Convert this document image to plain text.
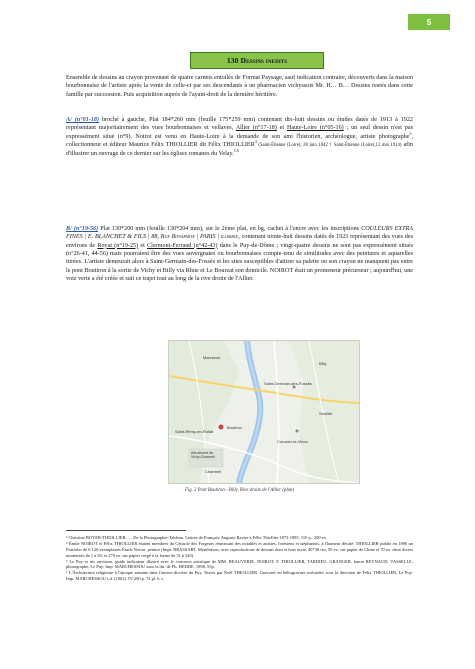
5
130 Dessins inedits
Ensemble de dessins au crayon provenant de quatre carnets entoilés de Format Paysage, sauf indication contraire, découverts dans la maison bourbonnaise de l'artiste après la vente de celle-ci par ses descendants à un pharmacien vichyssois Mr. H… B… Dessins restés dans cette famille par succession. Puis acquisition auprès de l'ayant-droit de la dernière héritière.
A/ (n°01-18) broché à gauche, Plat 184*260 mm (feuille 175*259 mm) contenant dix-huit dessins ou études datés de 1913 à 1922 représentant majoritairement des vues bourbonnaises et vellaves, Allier (n°17-18) et Haute-Loire (n°05-16) ; un seul dessin n'est pas expressément situé (n°9). Noirot est venu en Haute-Loire à la demande de son ami l'historien, archéologue, artiste photographe$^3$, collectionneur et éditeur Maurice Félix THIOLLIER dit Félix THIOLLIER$^4$ (Saint-Étienne (Loire), 28 juin 1842 † Saint-Étienne (Loire),12 mai 1914) afin d'illustrer un ouvrage de ce dernier sur les églises romanes du Velay.$^{5 6}$
B/ (n°19-56) Plat 130*200 mm (feuille 130*204 mm), sur le 2ème plat, en bg, cachet à l'encre avec les inscriptions COULEURS EXTRA FINES | E. BLANCHET & FILS | 88, Rue Bonaparte | PARIS | illisible, contenant trente-huit dessins datés de 1923 représentant des vues des environs de Royat (n°19-25) et Clermont-Ferrand (n°42-43) dans le Puy-de-Dôme ; vingt-quatre dessins ne sont pas expressément situés (n°26-41, 44-56) mais pourraient être des vues auvergnates ou bourbonnaises compte-tenu de similitudes avec des peintures et aquarelles titrées. L'artiste demeurait alors à Saint-Germain-des-Fossés et les sites susceptibles d'attirer sa palette ou son crayon ne manquent pas entre le pont Boutiron à la sortie de Vichy et Billy via Rhue et Le Bourzat son domicile. NOIROT était un promeneur précurseur ; aujourd'hui, une voie verte a été créée et suit ce trajet tout au long de la rive droite de l'Allier.
Marcenat
Billy
Saint-Germain-des-Fossés
Seuillet
Boutiron
Creuzier-le-Vieux
Saint-Rémy-en-Rollat
Charmeil
Aérodrome de Vichy-Charmeil
Fig. 2 Pont Boutiron - Billy, Rive droite de l'Allier (plan)

³ Christine BOYER-THIOLLIER, … De la Photographie-Tableau. Lettres de François-Auguste Ravier à Félix Thiollier 1873-1895, 110 p., 200 ex.

⁴ Émile NOIROT et Félix THIOLLIER étaient membres du Cénacle des Forgeurs réunissant des notables et artistes, forésiens et stéphanois, à l'humeur décalé. THIOLLIER publie en 1896 un Portfolio de 6 120 exemplaires Émile Noirot, peintre (Impr. BRASSART, Montbrison, avec reproductions de dessins dont et hors texte, 40*30 cm, 50 ex. sur papier de Chine et 70 ex. deux divers numérotés de 1 à 50, et 270 ex. sur papier vergé à la forme de 51 à 320).

⁵ Le Puy et ses environs, guide indicateur illustré avec le concours artistique de MM. BEAUVERIE, NOIROT, F. THIOLLIER, TARDIEU, GRANGER, baron REYNAUD, VASSELLE, photographe, Le Puy: Imp. MARCHESSOU sous la dir. de Ph. HEDDE, 1898, 55p.

⁶ L'Architecture religieuse à l'époque romane dans l'ancien diocèse du Puy. Textes par Noël THIOLLIER. Gravures en héliogravure exécutées sous la direction de Félix THIOLLIER. Le Puy: Imp. MARCHESSOU s.d. [1902]. IV-200 p. 72 pl. h.-t.
